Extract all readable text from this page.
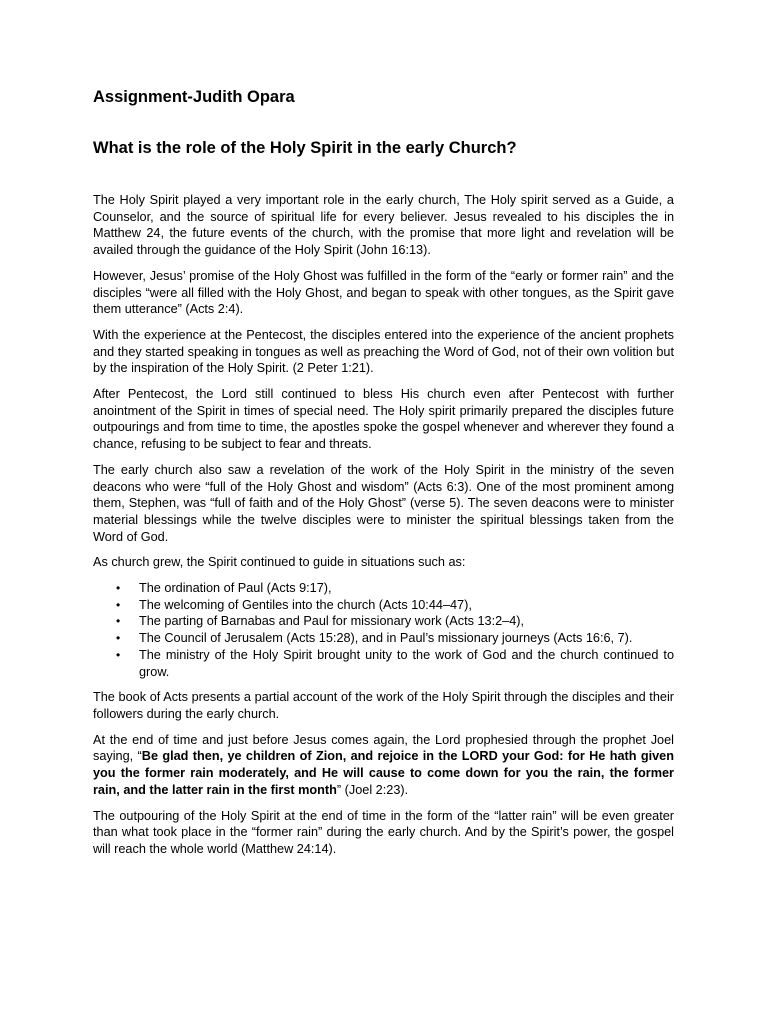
Assignment-Judith Opara
What is the role of the Holy Spirit in the early Church?

The Holy Spirit played a very important role in the early church, The Holy spirit served as a Guide, a Counselor, and the source of spiritual life for every believer. Jesus revealed to his disciples the in Matthew 24, the future events of the church, with the promise that more light and revelation will be availed through the guidance of the Holy Spirit (John 16:13).

However, Jesus’ promise of the Holy Ghost was fulfilled in the form of the “early or former rain” and the disciples “were all filled with the Holy Ghost, and began to speak with other tongues, as the Spirit gave them utterance” (Acts 2:4).

With the experience at the Pentecost, the disciples entered into the experience of the ancient prophets and they started speaking in tongues as well as preaching the Word of God, not of their own volition but by the inspiration of the Holy Spirit. (2 Peter 1:21).

After Pentecost, the Lord still continued to bless His church even after Pentecost with further anointment of the Spirit in times of special need. The Holy spirit primarily prepared the disciples future outpourings and from time to time, the apostles spoke the gospel whenever and wherever they found a chance, refusing to be subject to fear and threats.

The early church also saw a revelation of the work of the Holy Spirit in the ministry of the seven deacons who were “full of the Holy Ghost and wisdom” (Acts 6:3). One of the most prominent among them, Stephen, was “full of faith and of the Holy Ghost” (verse 5). The seven deacons were to minister material blessings while the twelve disciples were to minister the spiritual blessings taken from the Word of God.

As church grew, the Spirit continued to guide in situations such as:

• The ordination of Paul (Acts 9:17),
• The welcoming of Gentiles into the church (Acts 10:44–47),
• The parting of Barnabas and Paul for missionary work (Acts 13:2–4),
• The Council of Jerusalem (Acts 15:28), and in Paul’s missionary journeys (Acts 16:6, 7).
• The ministry of the Holy Spirit brought unity to the work of God and the church continued to grow.

The book of Acts presents a partial account of the work of the Holy Spirit through the disciples and their followers during the early church.

At the end of time and just before Jesus comes again, the Lord prophesied through the prophet Joel saying, “Be glad then, ye children of Zion, and rejoice in the LORD your God: for He hath given you the former rain moderately, and He will cause to come down for you the rain, the former rain, and the latter rain in the first month” (Joel 2:23).

The outpouring of the Holy Spirit at the end of time in the form of the “latter rain” will be even greater than what took place in the “former rain” during the early church. And by the Spirit’s power, the gospel will reach the whole world (Matthew 24:14).
